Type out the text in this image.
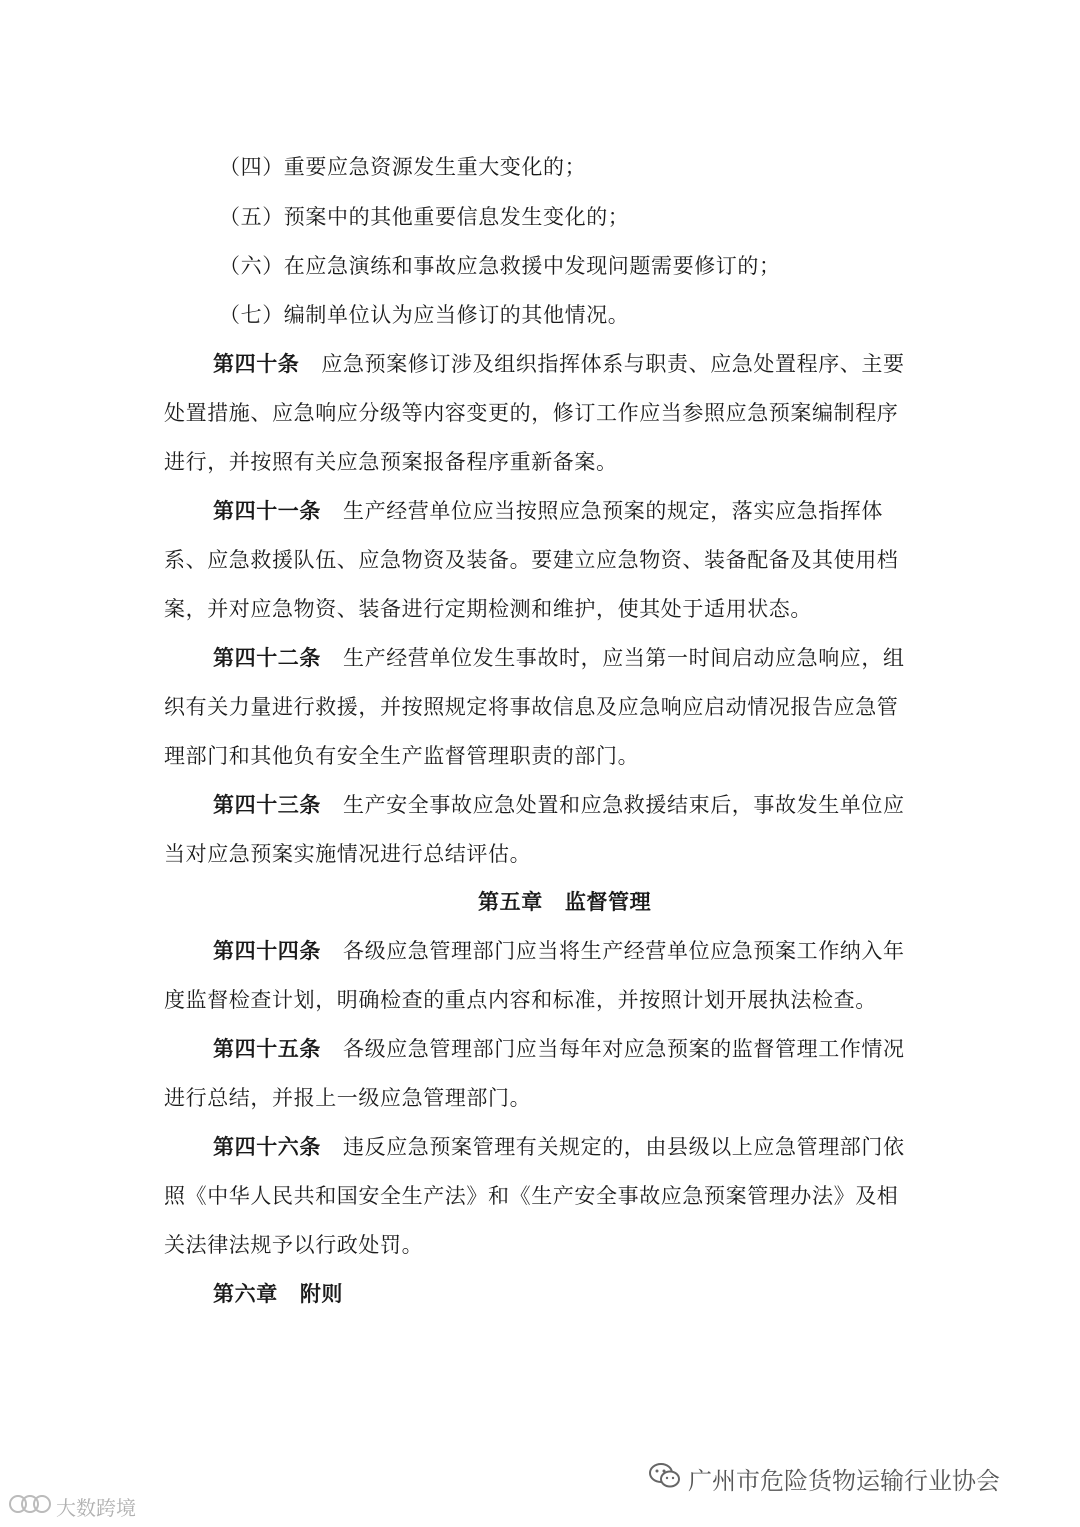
（四）重要应急资源发生重大变化的；
（五）预案中的其他重要信息发生变化的；
（六）在应急演练和事故应急救援中发现问题需要修订的；
（七）编制单位认为应当修订的其他情况。
第四十条 应急预案修订涉及组织指挥体系与职责、应急处置程序、主要
处置措施、应急响应分级等内容变更的，修订工作应当参照应急预案编制程序
进行，并按照有关应急预案报备程序重新备案。
第四十一条 生产经营单位应当按照应急预案的规定，落实应急指挥体
系、应急救援队伍、应急物资及装备。要建立应急物资、装备配备及其使用档
案，并对应急物资、装备进行定期检测和维护，使其处于适用状态。
第四十二条 生产经营单位发生事故时，应当第一时间启动应急响应，组
织有关力量进行救援，并按照规定将事故信息及应急响应启动情况报告应急管
理部门和其他负有安全生产监督管理职责的部门。
第四十三条 生产安全事故应急处置和应急救援结束后，事故发生单位应
当对应急预案实施情况进行总结评估。
第五章 监督管理
第四十四条 各级应急管理部门应当将生产经营单位应急预案工作纳入年
度监督检查计划，明确检查的重点内容和标准，并按照计划开展执法检查。
第四十五条 各级应急管理部门应当每年对应急预案的监督管理工作情况
进行总结，并报上一级应急管理部门。
第四十六条 违反应急预案管理有关规定的，由县级以上应急管理部门依
照《中华人民共和国安全生产法》和《生产安全事故应急预案管理办法》及相
关法律法规予以行政处罚。
第六章 附则
广州市危险货物运输行业协会
大数跨境
